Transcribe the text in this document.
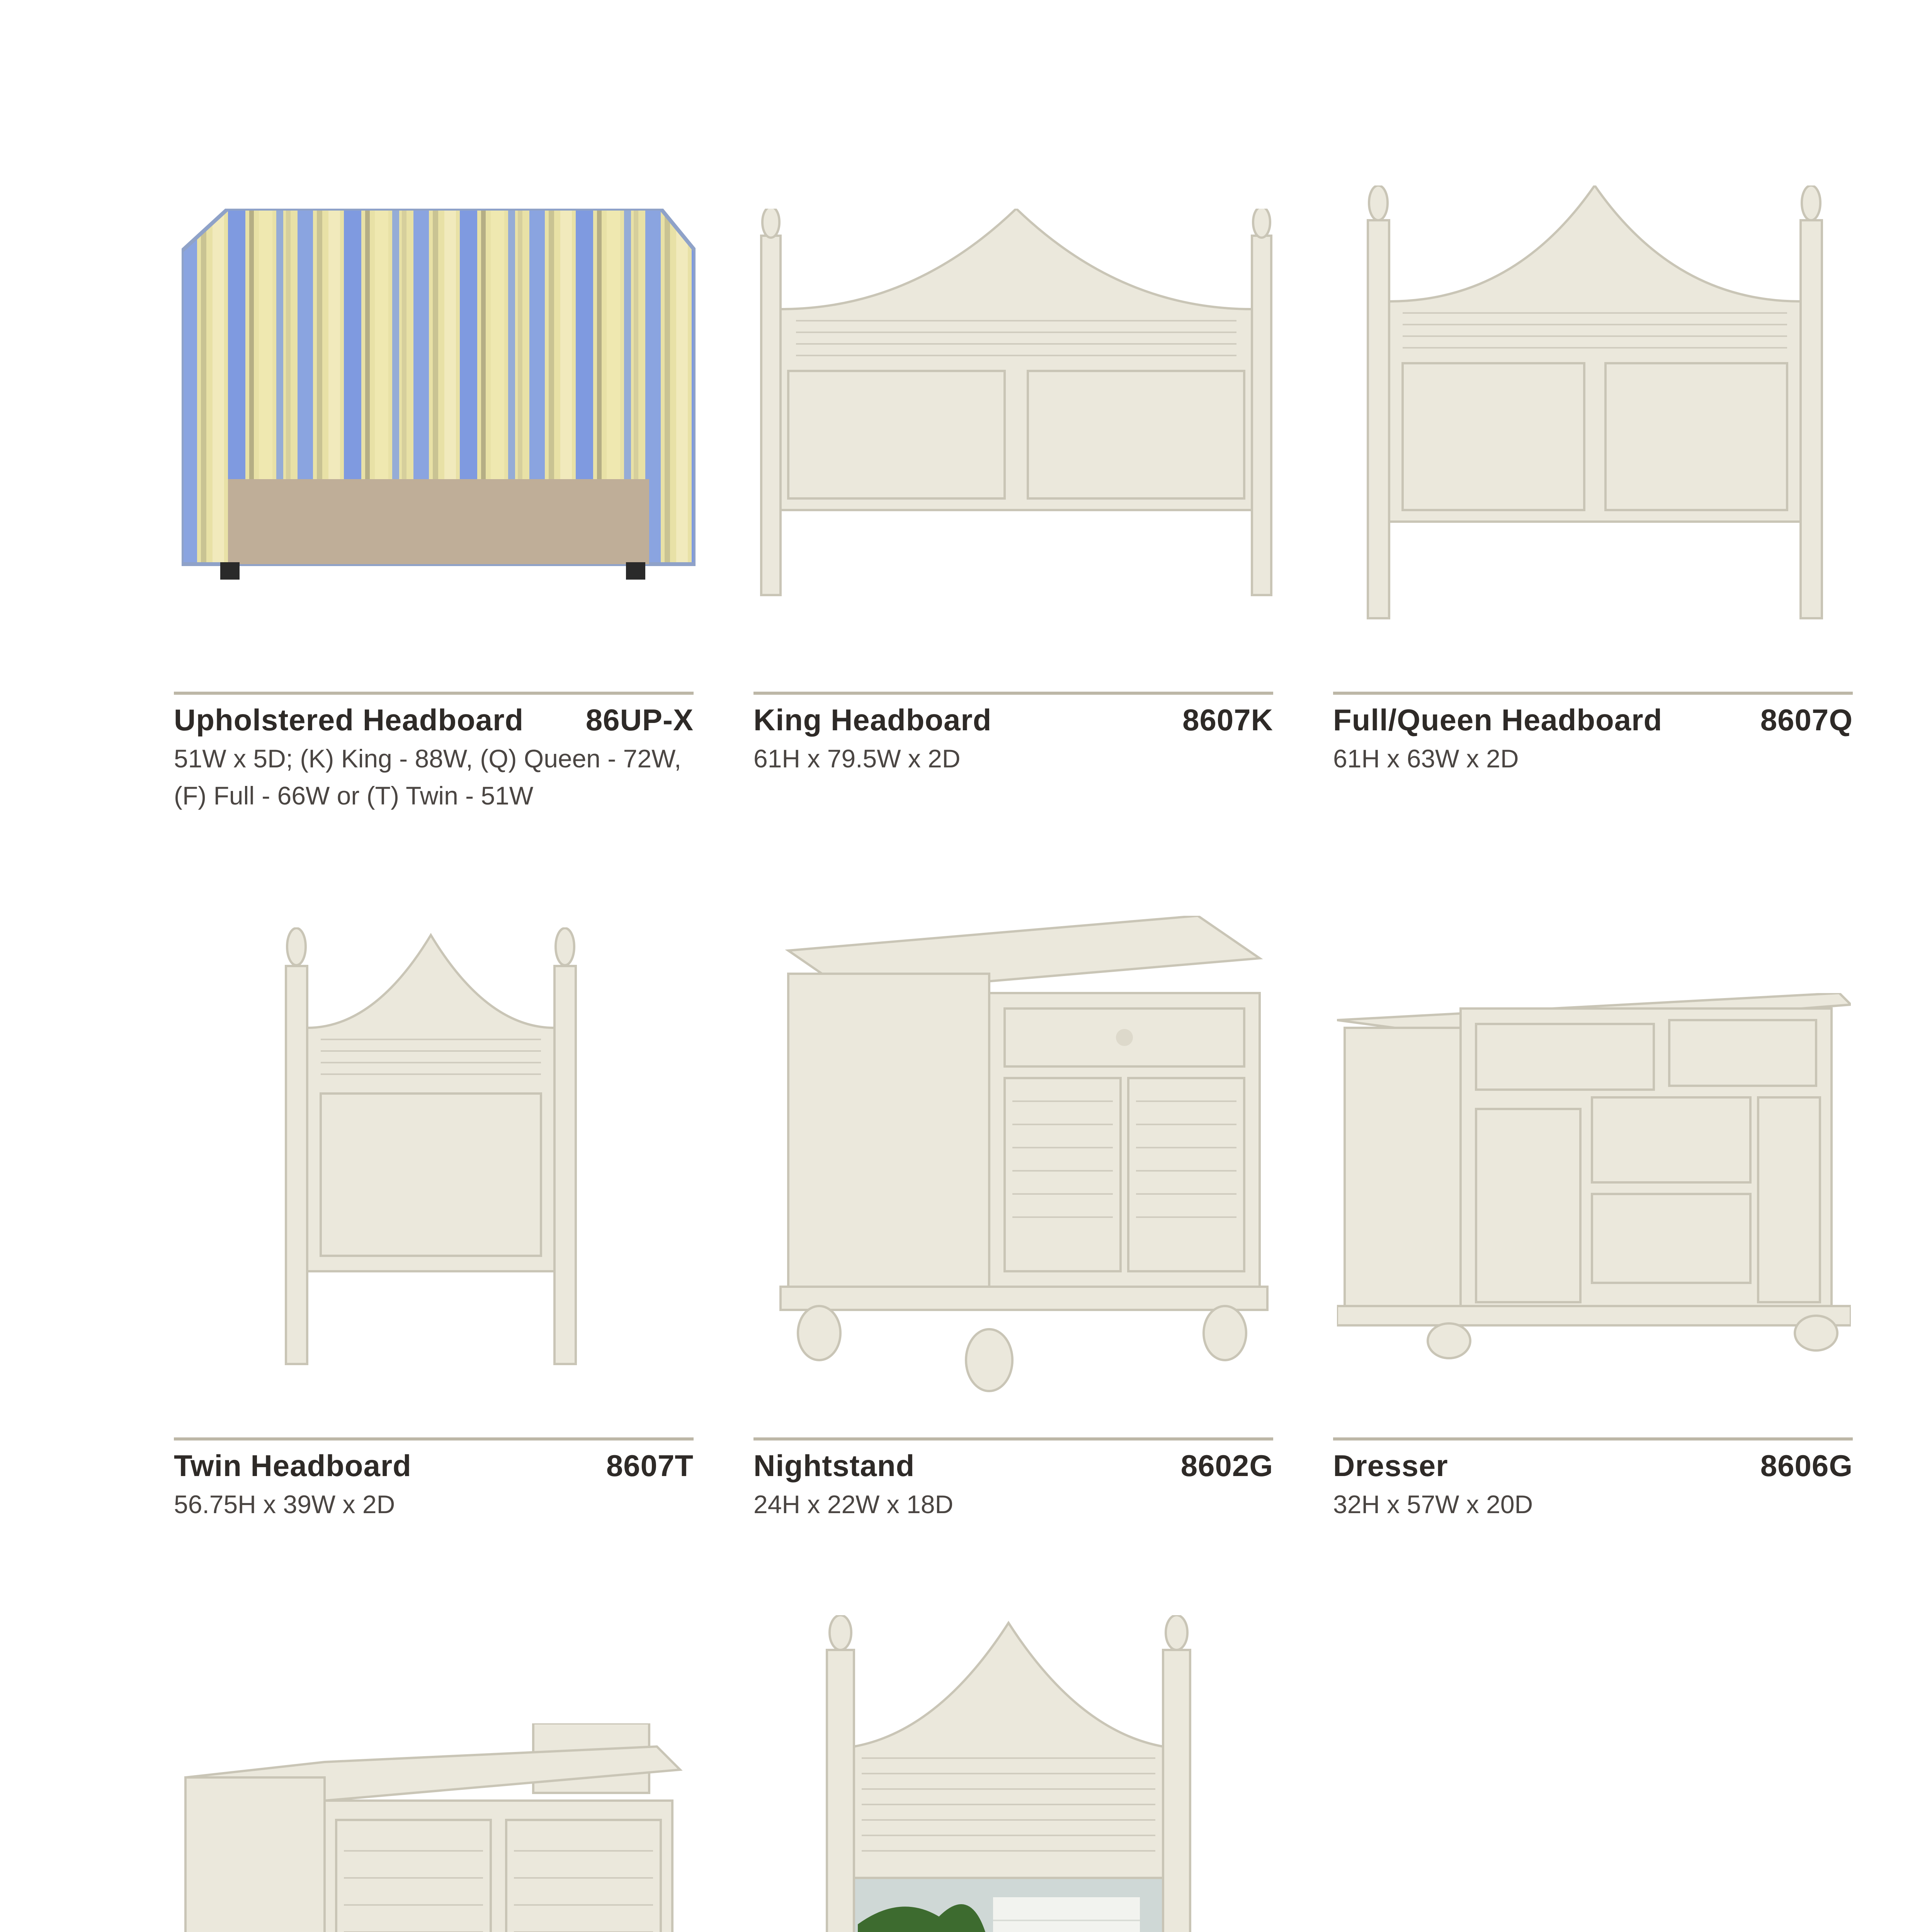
Upholstered Headboard 86UP-X
51W x 5D; (K) King - 88W, (Q) Queen - 72W,
(F) Full - 66W or (T) Twin - 51W
King Headboard	8607K
61H x 79.5W x 2D
Full/Queen Headboard	8607Q
61H x 63W x 2D
Twin Headboard	8607T
56.75H x 39W x 2D
Nightstand	8602G
24H x 22W x 18D
Dresser	8606G
32H x 57W x 20D
